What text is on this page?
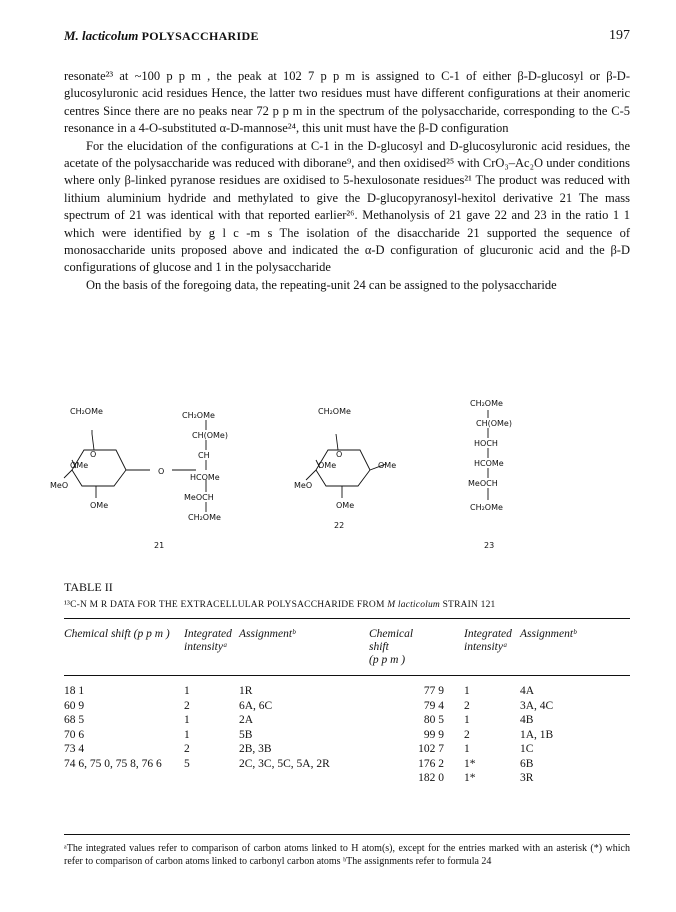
M. lacticolum POLYSACCHARIDE	197

resonate²³ at ~100 p p m , the peak at 102 7 p p m is assigned to C-1 of either β-D-glucosyl or β-D-glucosyluronic acid residues Hence, the latter two residues must have different configurations at their anomeric centres Since there are no peaks near 72 p p m in the spectrum of the polysaccharide, corresponding to the C-5 resonance in a 4-O-substituted α-D-mannose²⁴, this unit must have the β-D configuration

For the elucidation of the configurations at C-1 in the D-glucosyl and D-glucosyluronic acid residues, the acetate of the polysaccharide was reduced with diborane⁹, and then oxidised²⁵ with CrO₃–Ac₂O under conditions where only β-linked pyranose residues are oxidised to 5-hexulosonate residues²¹ The product was reduced with lithium aluminium hydride and methylated to give the D-glucopyranosyl-hexitol derivative 21 The mass spectrum of 21 was identical with that reported earlier²⁶. Methanolysis of 21 gave 22 and 23 in the ratio 1 1 which were identified by g l c -m s The isolation of the disaccharide 21 supported the sequence of monosaccharide units proposed above and indicated the α-D configuration of glucuronic acid and the β-D configurations of glucose and 1 in the polysaccharide

On the basis of the foregoing data, the repeating-unit 24 can be assigned to the polysaccharide

CH₂OMe
O
OMe
MeO
OMe
CH₂OMe
CH(OMe)
O
CH
HCOMe
MeOCH
CH₂OMe
21
CH₂OMe
O
OMe	OMe
MeO
OMe
22
CH₂OMe
CH(OMe)
HOCH
HCOMe
MeOCH
CH₂OMe
23
TABLE II
¹³C-N M R DATA FOR THE EXTRACELLULAR POLYSACCHARIDE FROM M lacticolum STRAIN 121
Chemical shift (p p m )	Integrated intensityᵃ	Assignmentᵇ	Chemical
shift
(p p m )	Integrated intensityᵃ	Assignmentᵇ
18 1	1	1R	77 9	1	4A
60 9	2	6A, 6C	79 4	2	3A, 4C
68 5	1	2A	80 5	1	4B
70 6	1	5B	99 9	2	1A, 1B
73 4	2	2B, 3B	102 7	1	1C
74 6, 75 0, 75 8, 76 6	5	2C, 3C, 5C, 5A, 2R	176 2	1*	6B
			182 0	1*	3R
ᵃThe integrated values refer to comparison of carbon atoms linked to H atom(s), except for the entries marked with an asterisk (*) which refer to comparison of carbon atoms linked to carbonyl carbon atoms ᵇThe assignments refer to formula 24
